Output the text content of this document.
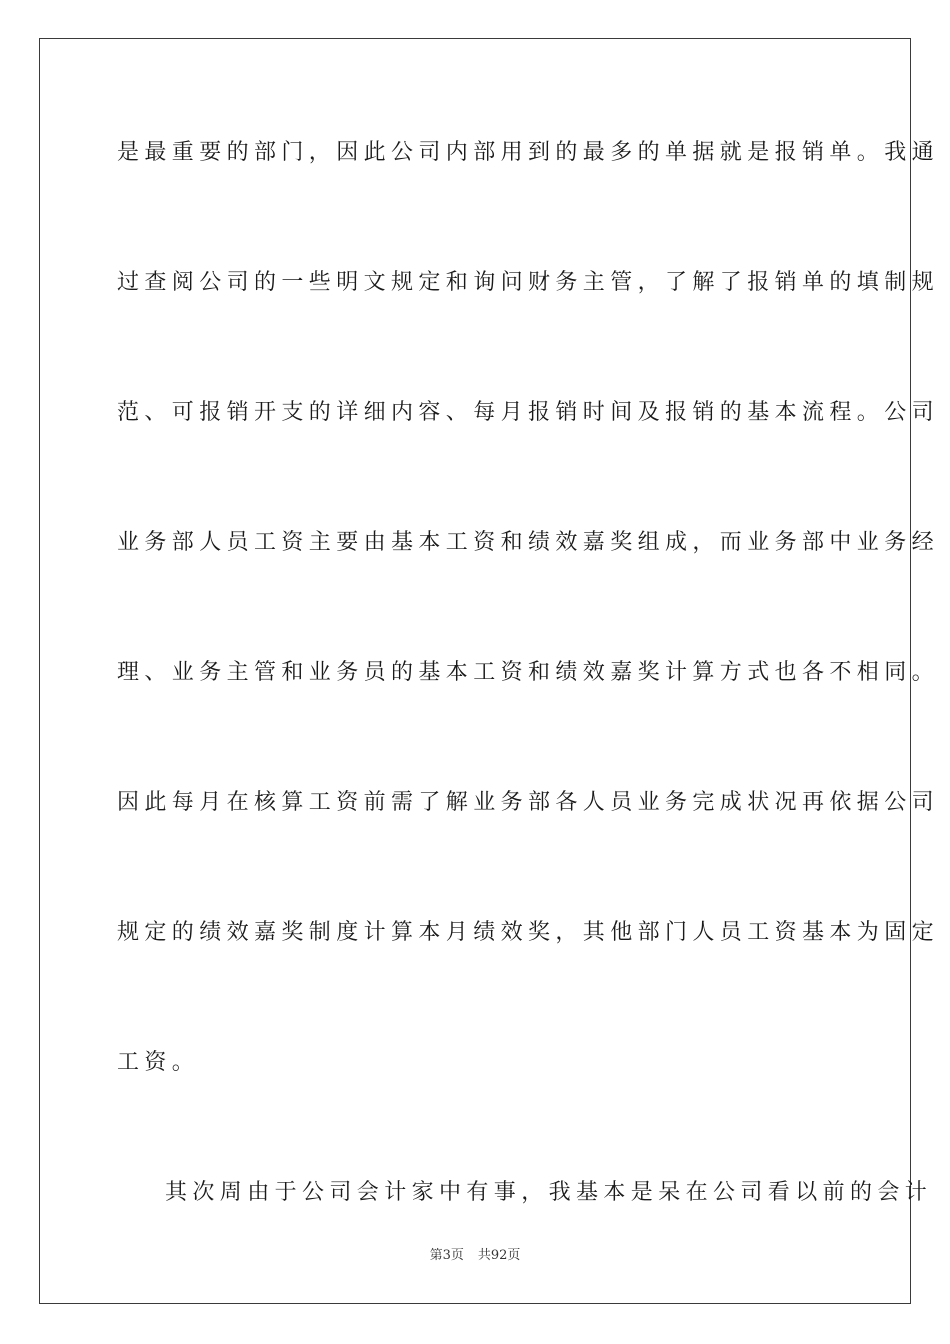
是最重要的部门，因此公司内部用到的最多的单据就是报销单。我通
过查阅公司的一些明文规定和询问财务主管，了解了报销单的填制规
范、可报销开支的详细内容、每月报销时间及报销的基本流程。公司
业务部人员工资主要由基本工资和绩效嘉奖组成，而业务部中业务经
理、业务主管和业务员的基本工资和绩效嘉奖计算方式也各不相同。
因此每月在核算工资前需了解业务部各人员业务完成状况再依据公司
规定的绩效嘉奖制度计算本月绩效奖，其他部门人员工资基本为固定
工资。
其次周由于公司会计家中有事，我基本是呆在公司看以前的会计
第3页 共92页
